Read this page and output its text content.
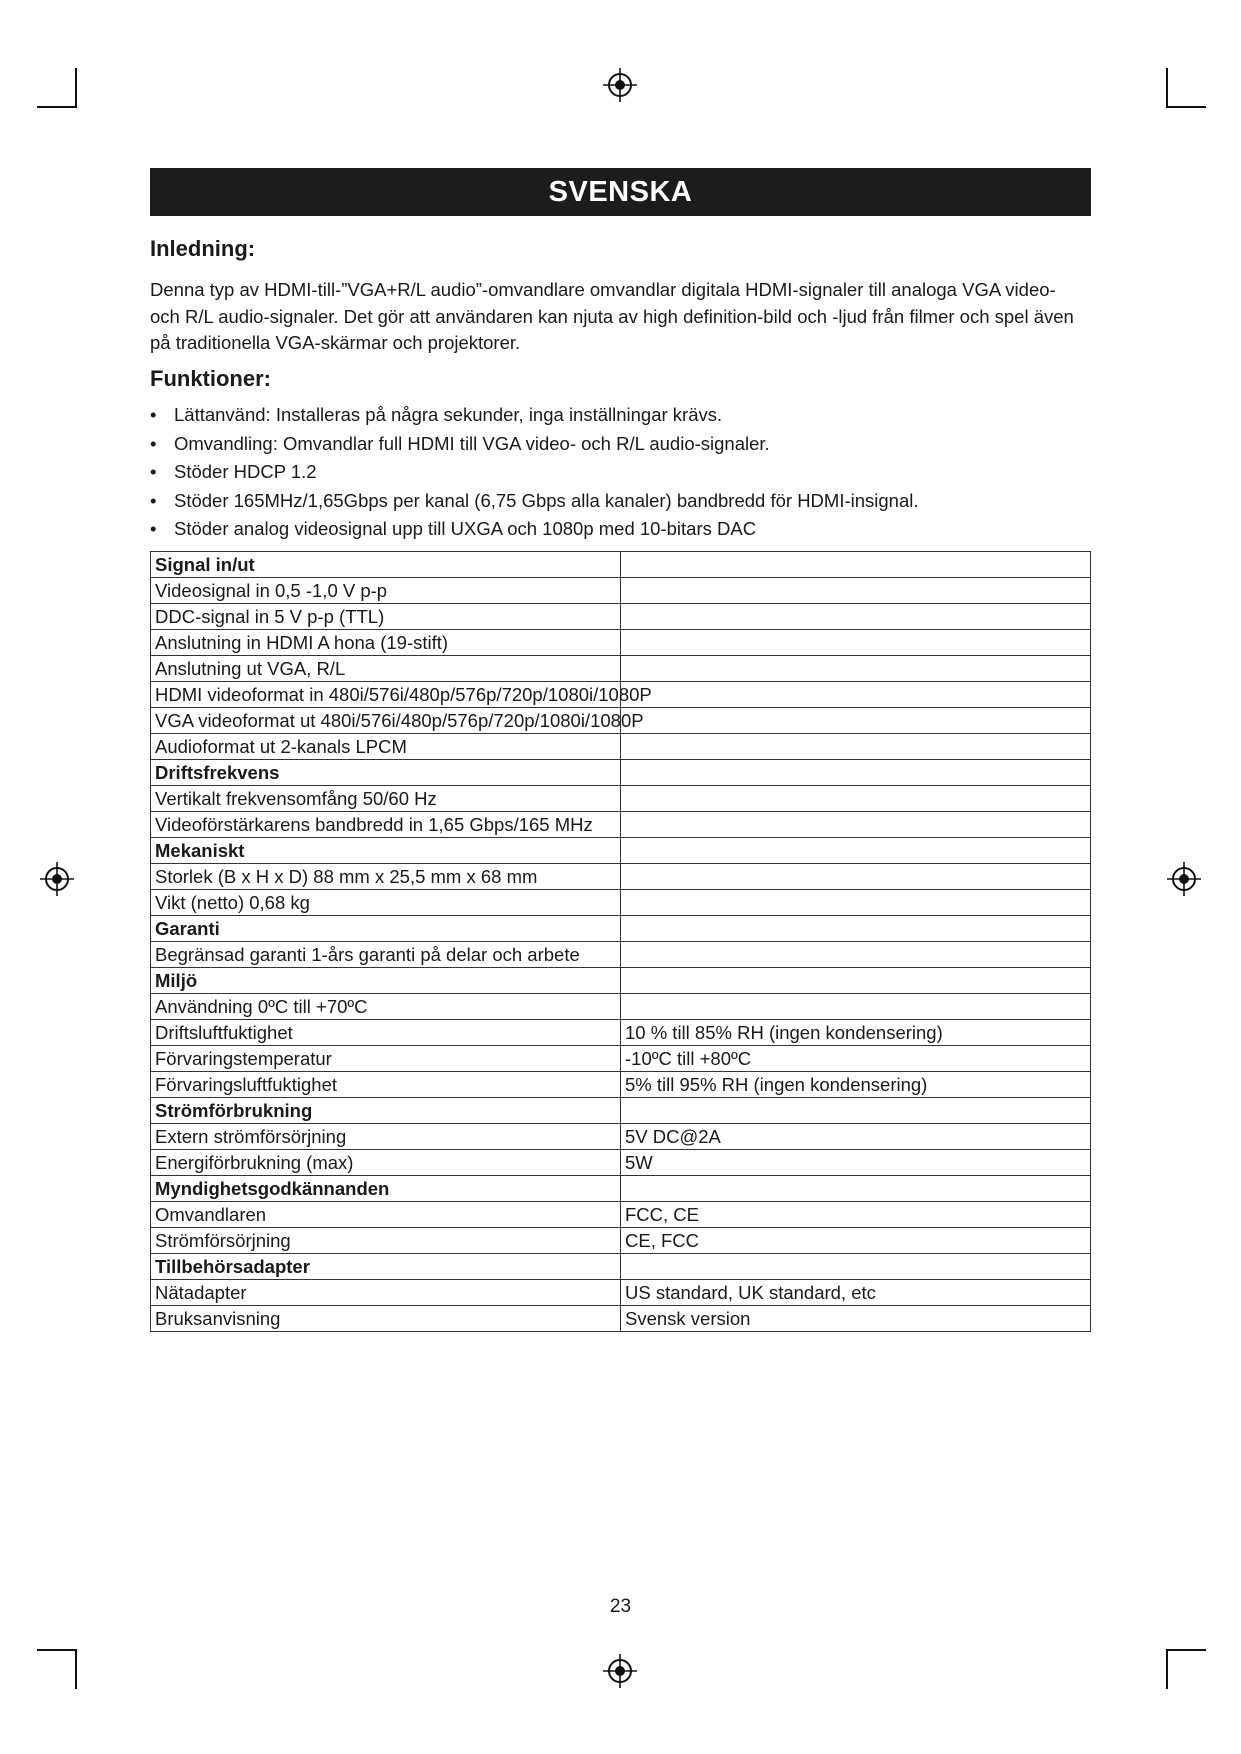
SVENSKA
Inledning:

Denna typ av HDMI-till-”VGA+R/L audio”-omvandlare omvandlar digitala HDMI-signaler till analoga VGA video- och R/L audio-signaler. Det gör att användaren kan njuta av high definition-bild och -ljud från filmer och spel även på traditionella VGA-skärmar och projektorer.

Funktioner:
• Lättanvänd: Installeras på några sekunder, inga inställningar krävs.
• Omvandling: Omvandlar full HDMI till VGA video- och R/L audio-signaler.
• Stöder HDCP 1.2
• Stöder 165MHz/1,65Gbps per kanal (6,75 Gbps alla kanaler) bandbredd för HDMI-insignal.
• Stöder analog videosignal upp till UXGA och 1080p med 10-bitars DAC
Signal in/ut	
Videosignal in 0,5 -1,0 V p-p	
DDC-signal in 5 V p-p (TTL)	
Anslutning in HDMI A hona (19-stift)	
Anslutning ut VGA, R/L	
HDMI videoformat in 480i/576i/480p/576p/720p/1080i/1080P	
VGA videoformat ut 480i/576i/480p/576p/720p/1080i/1080P	
Audioformat ut 2-kanals LPCM	
Driftsfrekvens	
Vertikalt frekvensomfång 50/60 Hz	
Videoförstärkarens bandbredd in 1,65 Gbps/165 MHz	
Mekaniskt	
Storlek (B x H x D) 88 mm x 25,5 mm x 68 mm	
Vikt (netto) 0,68 kg	
Garanti	
Begränsad garanti 1-års garanti på delar och arbete	
Miljö	
Användning 0ºC till +70ºC	
Driftsluftfuktighet	10 % till 85% RH (ingen kondensering)
Förvaringstemperatur	-10ºC till +80ºC
Förvaringsluftfuktighet	5% till 95% RH (ingen kondensering)
Strömförbrukning	
Extern strömförsörjning	5V DC@2A
Energiförbrukning (max)	5W
Myndighetsgodkännanden	
Omvandlaren	FCC, CE
Strömförsörjning	CE, FCC
Tillbehörsadapter	
Nätadapter	US standard, UK standard, etc
Bruksanvisning	Svensk version
23
